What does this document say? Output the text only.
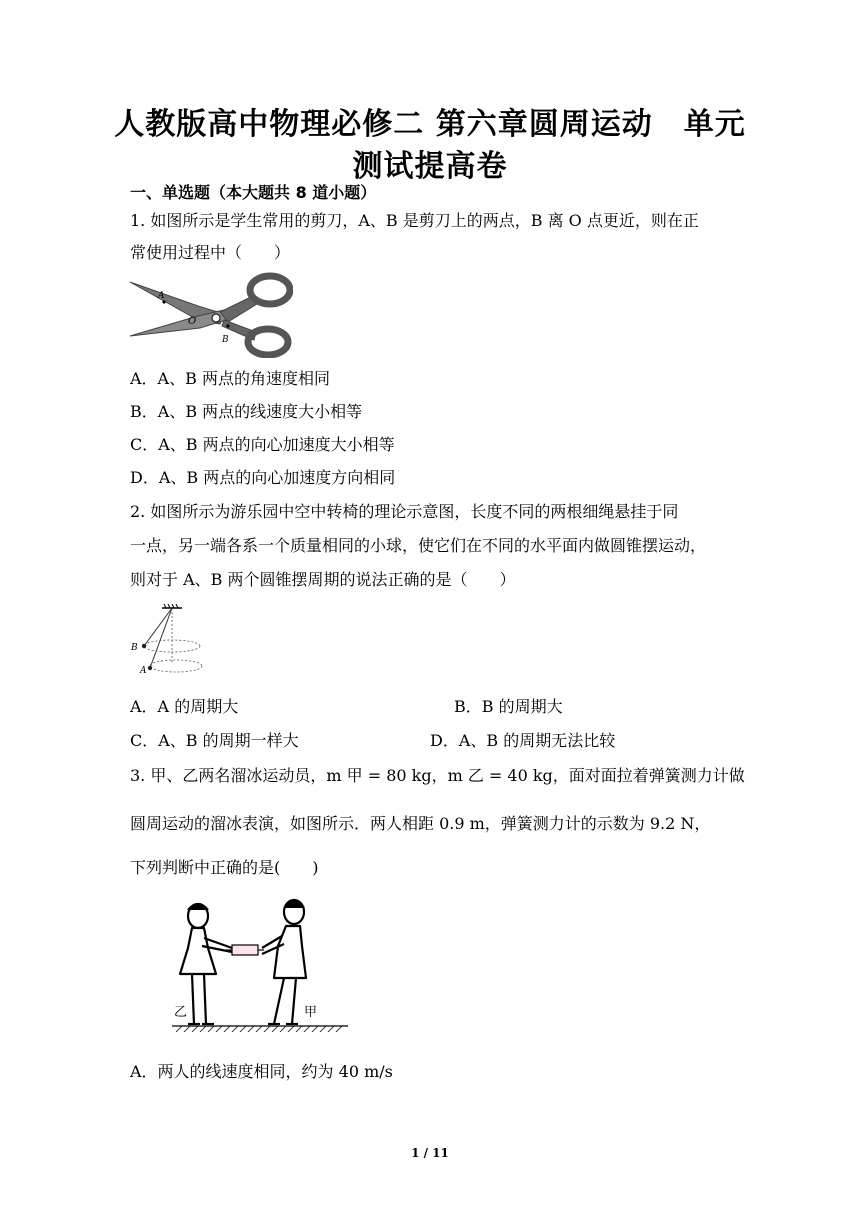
人教版高中物理必修二 第六章圆周运动　单元
测试提高卷
一、单选题（本大题共 8 道小题）
1. 如图所示是学生常用的剪刀，A、B 是剪刀上的两点，B 离 O 点更近，则在正
常使用过程中（　　）
A
O
B
A．A、B 两点的角速度相同
B．A、B 两点的线速度大小相等
C．A、B 两点的向心加速度大小相等
D．A、B 两点的向心加速度方向相同
2. 如图所示为游乐园中空中转椅的理论示意图，长度不同的两根细绳悬挂于同
一点，另一端各系一个质量相同的小球，使它们在不同的水平面内做圆锥摆运动，
则对于 A、B 两个圆锥摆周期的说法正确的是（　　）
B
A
A．A 的周期大	B．B 的周期大
C．A、B 的周期一样大	D．A、B 的周期无法比较
3. 甲、乙两名溜冰运动员，m 甲 = 80 kg，m 乙 = 40 kg，面对面拉着弹簧测力计做
圆周运动的溜冰表演，如图所示．两人相距 0.9 m，弹簧测力计的示数为 9.2 N，
下列判断中正确的是(　　)
乙	甲
A．两人的线速度相同，约为 40 m/s
1 / 11
